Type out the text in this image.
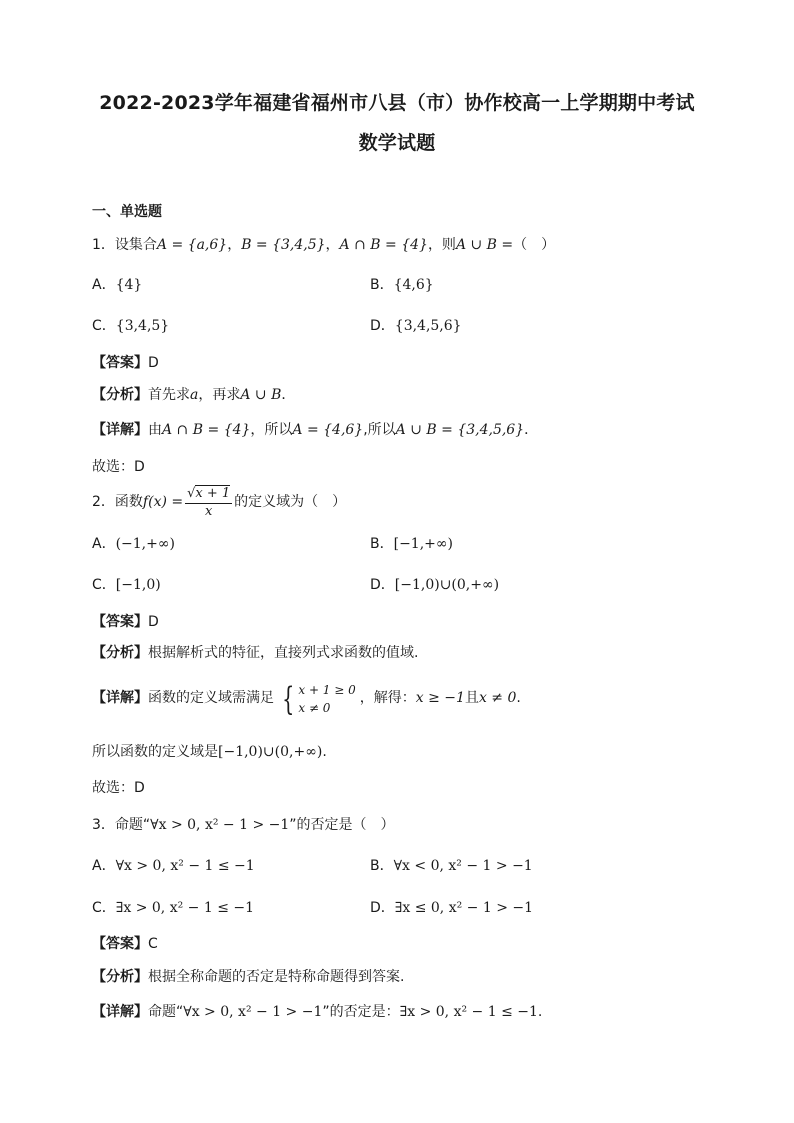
2022-2023学年福建省福州市八县（市）协作校高一上学期期中考试
数学试题
一、单选题
1．设集合A = {a,6}，B = {3,4,5}，A ∩ B = {4}，则A ∪ B =（　）
A．{4}	B．{4,6}
C．{3,4,5}	D．{3,4,5,6}
【答案】D
【分析】首先求a，再求A ∪ B．
【详解】由A ∩ B = {4}，所以A = {4,6},所以A ∪ B = {3,4,5,6}．
故选：D
2．函数$f(x) = \frac{√x + 1}{x}$ 的定义域为（　）
A．(−1,+∞)	B．[−1,+∞)
C．[−1,0)	D．[−1,0)∪(0,+∞)
【答案】D
【分析】根据解析式的特征，直接列式求函数的值域.
【详解】函数的定义域需满足 { x + 1 ≥ 0
x ≠ 0
，解得：x ≥ −1且x ≠ 0.
所以函数的定义域是[−1,0)∪(0,+∞).
故选：D
3．命题“∀x > 0, x² − 1 > −1”的否定是（　）
A．∀x > 0, x² − 1 ≤ −1	B．∀x < 0, x² − 1 > −1
C．∃x > 0, x² − 1 ≤ −1	D．∃x ≤ 0, x² − 1 > −1
【答案】C
【分析】根据全称命题的否定是特称命题得到答案.
【详解】命题“∀x > 0, x² − 1 > −1”的否定是：∃x > 0, x² − 1 ≤ −1.
